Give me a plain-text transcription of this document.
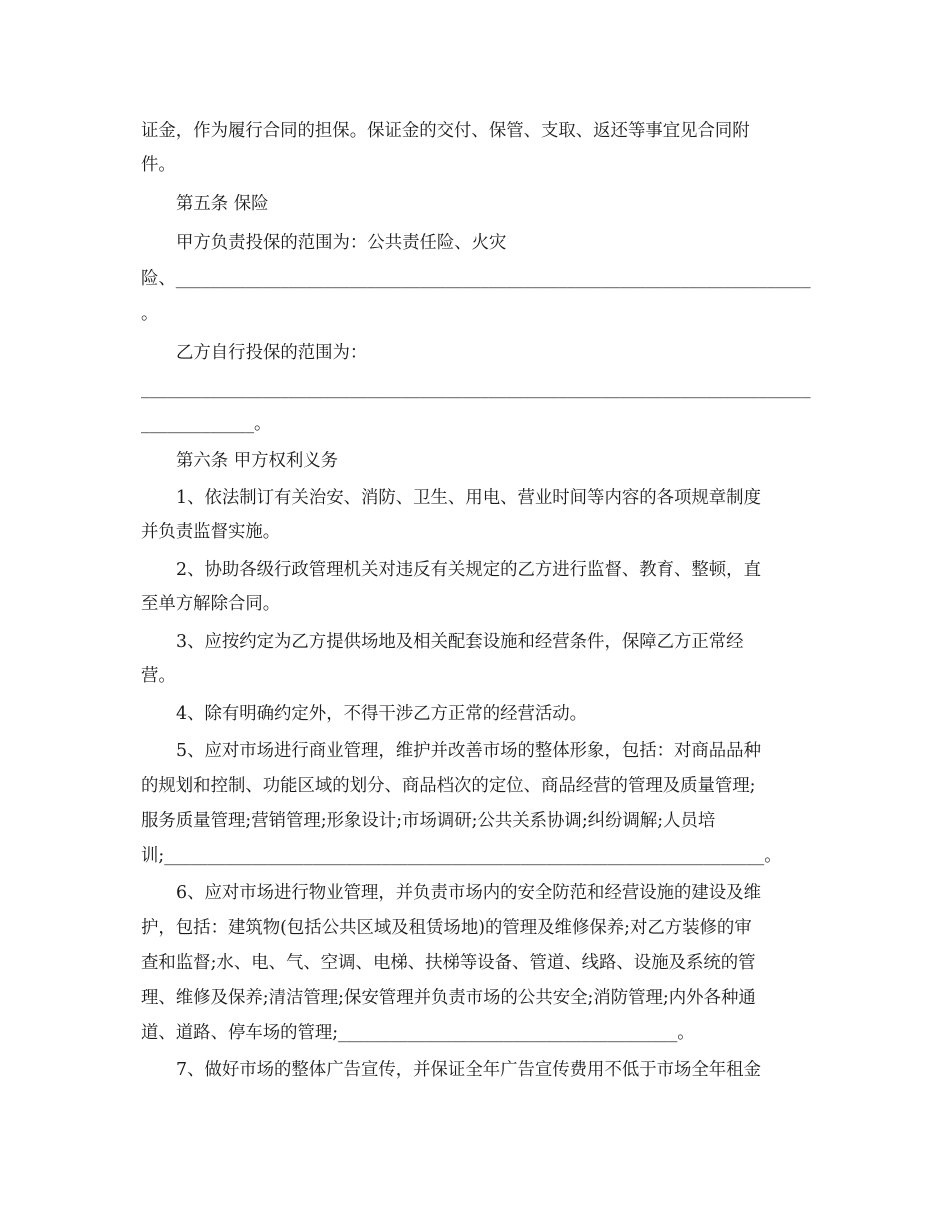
证金，作为履行合同的担保。保证金的交付、保管、支取、返还等事宜见合同附

件。

第五条 保险

甲方负责投保的范围为：公共责任险、火灾

险、_________________________________________________________________________

。

乙方自行投保的范围为：

_____________________________________________________________________________

_____________。

第六条 甲方权利义务

1、依法制订有关治安、消防、卫生、用电、营业时间等内容的各项规章制度

并负责监督实施。

2、协助各级行政管理机关对违反有关规定的乙方进行监督、教育、整顿，直

至单方解除合同。

3、应按约定为乙方提供场地及相关配套设施和经营条件，保障乙方正常经

营。

4、除有明确约定外，不得干涉乙方正常的经营活动。

5、应对市场进行商业管理，维护并改善市场的整体形象，包括：对商品品种

的规划和控制、功能区域的划分、商品档次的定位、商品经营的管理及质量管理;

服务质量管理;营销管理;形象设计;市场调研;公共关系协调;纠纷调解;人员培

训;_____________________________________________________________________。

6、应对市场进行物业管理，并负责市场内的安全防范和经营设施的建设及维

护，包括：建筑物(包括公共区域及租赁场地)的管理及维修保养;对乙方装修的审

查和监督;水、电、气、空调、电梯、扶梯等设备、管道、线路、设施及系统的管

理、维修及保养;清洁管理;保安管理并负责市场的公共安全;消防管理;内外各种通

道、道路、停车场的管理;_______________________________________。

7、做好市场的整体广告宣传，并保证全年广告宣传费用不低于市场全年租金
